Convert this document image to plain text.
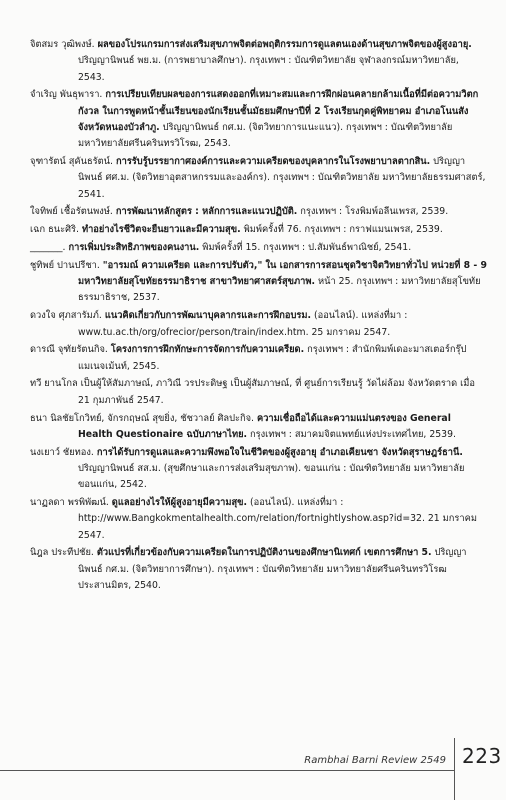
จิตสมร วุฒิพงษ์. ผลของโปรแกรมการส่งเสริมสุขภาพจิตต่อพฤติกรรมการดูแลตนเองด้านสุขภาพจิตของผู้สูงอายุ. ปริญญานิพนธ์ พย.ม. (การพยาบาลศึกษา). กรุงเทพฯ : บัณฑิตวิทยาลัย จุฬาลงกรณ์มหาวิทยาลัย, 2543.

จำเริญ พันธุพารา. การเปรียบเทียบผลของการแสดงออกที่เหมาะสมและการฝึกผ่อนคลายกล้ามเนื้อที่มีต่อความวิตกกังวล ในการพูดหน้าชั้นเรียนของนักเรียนชั้นมัธยมศึกษาปีที่ 2 โรงเรียนกุดคู่พิทยาคม อำเภอโนนสัง จังหวัดหนองบัวลำภู. ปริญญานิพนธ์ กศ.ม. (จิตวิทยาการแนะแนว). กรุงเทพฯ : บัณฑิตวิทยาลัย มหาวิทยาลัยศรีนครินทรวิโรฒ, 2543.

จุฑารัตน์ สุคันธรัตน์. การรับรู้บรรยากาศองค์การและความเครียดของบุคลากรในโรงพยาบาลตากสิน. ปริญญานิพนธ์ ศศ.ม. (จิตวิทยาอุตสาหกรรมและองค์กร). กรุงเทพฯ : บัณฑิตวิทยาลัย มหาวิทยาลัยธรรมศาสตร์, 2541.

ใจทิพย์ เชื้อรัตนพงษ์. การพัฒนาหลักสูตร : หลักการและแนวปฏิบัติ. กรุงเทพฯ : โรงพิมพ์อลีนเพรส, 2539.

เฉก ธนะศิริ. ทำอย่างไรชีวิตจะยืนยาวและมีความสุข. พิมพ์ครั้งที่ 76. กรุงเทพฯ : กราฟแมนเพรส, 2539.

_______. การเพิ่มประสิทธิภาพของคนงาน. พิมพ์ครั้งที่ 15. กรุงเทพฯ : ป.สัมพันธ์พาณิชย์, 2541.

ชูทิพย์ ปานปรีชา. "อารมณ์ ความเครียด และการปรับตัว," ใน เอกสารการสอนชุดวิชาจิตวิทยาทั่วไป หน่วยที่ 8 - 9 มหาวิทยาลัยสุโขทัยธรรมาธิราช สาขาวิทยาศาสตร์สุขภาพ. หน้า 25. กรุงเทพฯ : มหาวิทยาลัยสุโขทัยธรรมาธิราช, 2537.

ดวงใจ ศุภสารัมภ์. แนวคิดเกี่ยวกับการพัฒนาบุคลากรและการฝึกอบรม. (ออนไลน์). แหล่งที่มา : www.tu.ac.th/org/ofrecior/person/train/index.htm. 25 มกราคม 2547.

ดารณี จุฑัยรัตนกิจ. โครงการการฝึกทักษะการจัดการกับความเครียด. กรุงเทพฯ : สำนักพิมพ์เดอะมาสเตอร์กรุ๊ป แมเนจเม้นท์, 2545.

ทวี ยานโกล เป็นผู้ให้สัมภาษณ์, ภาวิณี วรประดิษฐ เป็นผู้สัมภาษณ์, ที่ ศูนย์การเรียนรู้ วัดไผ่ล้อม จังหวัดตราด เมื่อ 21 กุมภาพันธ์ 2547.

ธนา นิลชัยโกวิทย์, จักรกฤษณ์ สุขยิ่ง, ชัชวาลย์ ศิลปะกิจ. ความเชื่อถือได้และความแม่นตรงของ General Health Questionaire ฉบับภาษาไทย. กรุงเทพฯ : สมาคมจิตแพทย์แห่งประเทศไทย, 2539.

นงเยาว์ ชัยทอง. การได้รับการดูแลและความพึงพอใจในชีวิตของผู้สูงอายุ อำเภอเคียนซา จังหวัดสุราษฎร์ธานี. ปริญญานิพนธ์ สส.ม. (สุขศึกษาและการส่งเสริมสุขภาพ). ขอนแก่น : บัณฑิตวิทยาลัย มหาวิทยาลัยขอนแก่น, 2542.

นาฏลดา พรพิพัฒน์. ดูแลอย่างไรให้ผู้สูงอายุมีความสุข. (ออนไลน์). แหล่งที่มา : http://www.Bangkokmentalhealth.com/relation/fortnightlyshow.asp?id=32. 21 มกราคม 2547.

นิฎล ประทีปชัย. ตัวแปรที่เกี่ยวข้องกับความเครียดในการปฏิบัติงานของศึกษานิเทศก์ เขตการศึกษา 5. ปริญญานิพนธ์ กศ.ม. (จิตวิทยาการศึกษา). กรุงเทพฯ : บัณฑิตวิทยาลัย มหาวิทยาลัยศรีนครินทรวิโรฒ ประสานมิตร, 2540.

Rambhai Barni Review 2549 223
